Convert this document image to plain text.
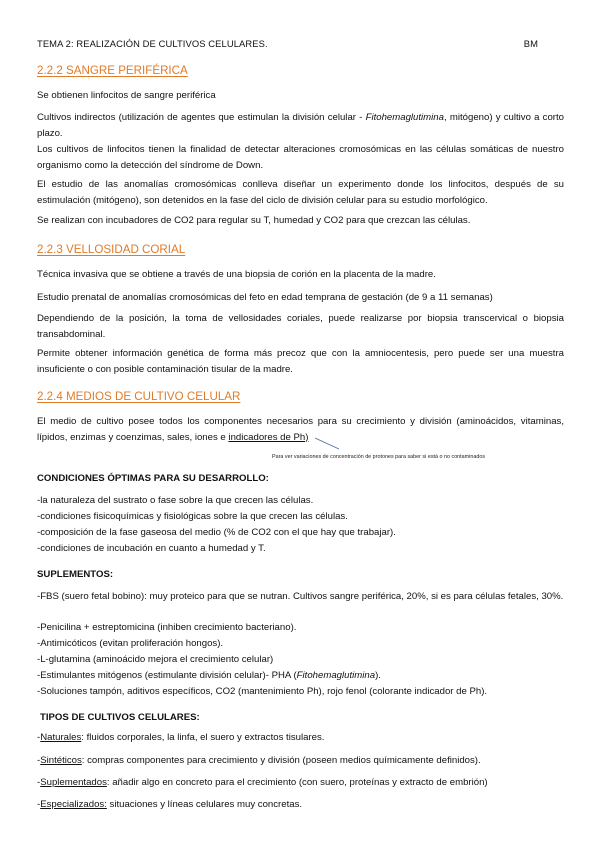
TEMA 2: REALIZACIÓN DE CULTIVOS CELULARES.	BM
2.2.2 SANGRE PERIFÉRICA
Se obtienen linfocitos de sangre periférica
Cultivos indirectos (utilización de agentes que estimulan la división celular - Fitohemaglutimina, mitógeno) y cultivo a corto plazo.
Los cultivos de linfocitos tienen la finalidad de detectar alteraciones cromosómicas en las células somáticas de nuestro organismo como la detección del síndrome de Down.
El estudio de las anomalías cromosómicas conlleva diseñar un experimento donde los linfocitos, después de su estimulación (mitógeno), son detenidos en la fase del ciclo de división celular para su estudio morfológico.
Se realizan con incubadores de CO2 para regular su T, humedad y CO2 para que crezcan las células.
2.2.3 VELLOSIDAD CORIAL
Técnica invasiva que se obtiene a través de una biopsia de corión en la placenta de la madre.
Estudio prenatal de anomalías cromosómicas del feto en edad temprana de gestación (de 9 a 11 semanas)
Dependiendo de la posición, la toma de vellosidades coriales, puede realizarse por biopsia transcervical o biopsia transabdominal.
Permite obtener información genética de forma más precoz que con la amniocentesis, pero puede ser una muestra insuficiente o con posible contaminación tisular de la madre.
2.2.4 MEDIOS DE CULTIVO CELULAR
El medio de cultivo posee todos los componentes necesarios para su crecimiento y división (aminoácidos, vitaminas, lípidos, enzimas y coenzimas, sales, iones e indicadores de Ph)
Para ver variaciones de concentración de protones para saber si está o no contaminados
CONDICIONES ÓPTIMAS PARA SU DESARROLLO:
-la naturaleza del sustrato o fase sobre la que crecen las células.
-condiciones fisicoquímicas y fisiológicas sobre la que crecen las células.
-composición de la fase gaseosa del medio (% de CO2 con el que hay que trabajar).
-condiciones de incubación en cuanto a humedad y T.
SUPLEMENTOS:
-FBS (suero fetal bobino): muy proteico para que se nutran. Cultivos sangre periférica, 20%, si es para células fetales, 30%.
-Penicilina + estreptomicina (inhiben crecimiento bacteriano).
-Antimicóticos (evitan proliferación hongos).
-L-glutamina (aminoácido mejora el crecimiento celular)
-Estimulantes mitógenos (estimulante división celular)- PHA (Fitohemaglutimina).
-Soluciones tampón, aditivos específicos, CO2 (mantenimiento Ph), rojo fenol (colorante indicador de Ph).
TIPOS DE CULTIVOS CELULARES:
-Naturales: fluidos corporales, la linfa, el suero y extractos tisulares.
-Sintéticos: compras componentes para crecimiento y división (poseen medios químicamente definidos).
-Suplementados: añadir algo en concreto para el crecimiento (con suero, proteínas y extracto de embrión)
-Especializados: situaciones y líneas celulares muy concretas.
